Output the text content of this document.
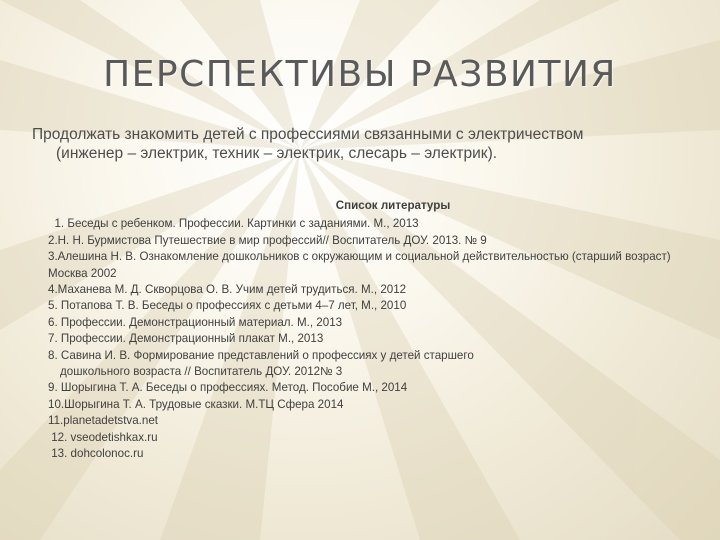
ПЕРСПЕКТИВЫ РАЗВИТИЯ
Продолжать знакомить детей с профессиями связанными с электричеством
(инженер – электрик, техник – электрик, слесарь – электрик).
Список литературы
1. Беседы с ребенком. Профессии. Картинки с заданиями. М., 2013
2.Н. Н. Бурмистова Путешествие в мир профессий// Воспитатель ДОУ. 2013. № 9
3.Алешина Н. В. Ознакомление дошкольников с окружающим и социальной действительностью (старший возраст) Москва 2002
4.Маханева М. Д. Скворцова О. В. Учим детей трудиться. М., 2012
5. Потапова Т. В. Беседы о профессиях с детьми 4–7 лет, М., 2010
6. Профессии. Демонстрационный материал. М., 2013
7. Профессии. Демонстрационный плакат М., 2013
8. Савина И. В. Формирование представлений о профессиях у детей старшего
дошкольного возраста // Воспитатель ДОУ. 2012№ 3
9. Шорыгина Т. А. Беседы о профессиях. Метод. Пособие М., 2014
10.Шорыгина Т. А. Трудовые сказки. М.ТЦ Сфера 2014
11.planetadetstva.net
12. vseodetishkax.ru
13. dohcolonoc.ru
